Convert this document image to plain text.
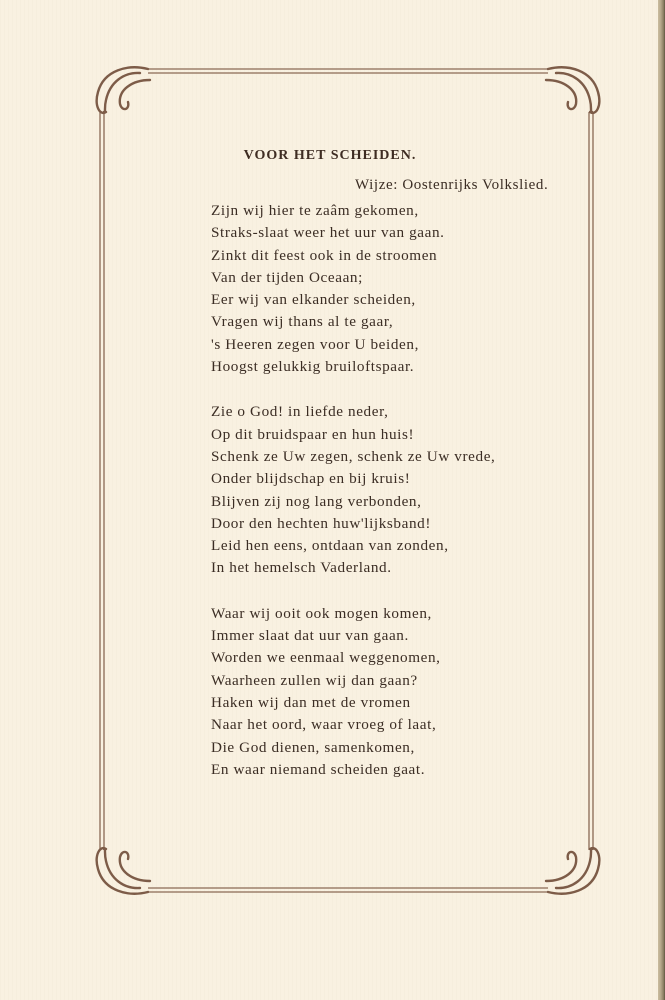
VOOR HET SCHEIDEN.
Wijze: Oostenrijks Volkslied.
Zijn wij hier te zaâm gekomen,
Straks-slaat weer het uur van gaan.
Zinkt dit feest ook in de stroomen
Van der tijden Oceaan;
Eer wij van elkander scheiden,
Vragen wij thans al te gaar,
's Heeren zegen voor U beiden,
Hoogst gelukkig bruiloftspaar.
Zie o God! in liefde neder,
Op dit bruidspaar en hun huis!
Schenk ze Uw zegen, schenk ze Uw vrede,
Onder blijdschap en bij kruis!
Blijven zij nog lang verbonden,
Door den hechten huw'lijksband!
Leid hen eens, ontdaan van zonden,
In het hemelsch Vaderland.
Waar wij ooit ook mogen komen,
Immer slaat dat uur van gaan.
Worden we eenmaal weggenomen,
Waarheen zullen wij dan gaan?
Haken wij dan met de vromen
Naar het oord, waar vroeg of laat,
Die God dienen, samenkomen,
En waar niemand scheiden gaat.
